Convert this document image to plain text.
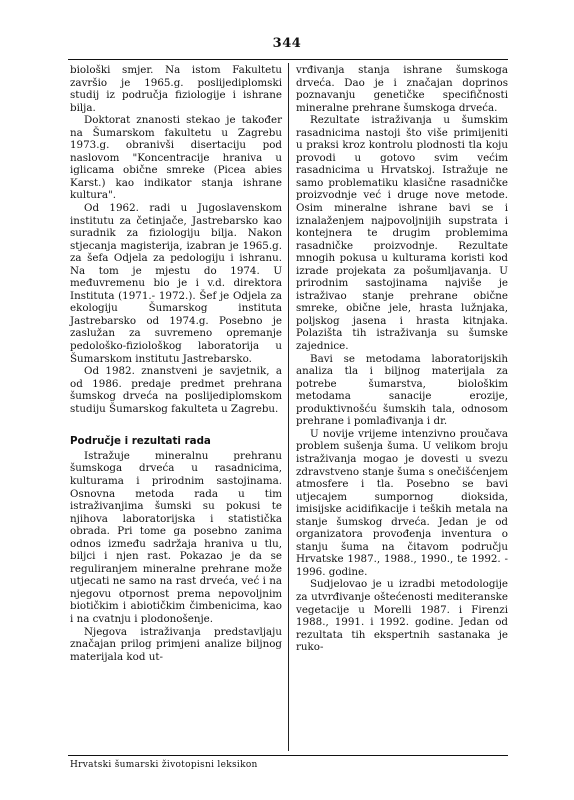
344

biološki smjer. Na istom Fakultetu završio je 1965.g. poslijediplomski studij iz područja fiziologije i ishrane bilja.

Doktorat znanosti stekao je također na Šumarskom fakultetu u Zagrebu 1973.g. obranivši disertaciju pod naslovom "Koncentracije hraniva u iglicama obične smreke (Picea abies Karst.) kao indikator stanja ishrane kultura".

Od 1962. radi u Jugoslavenskom institutu za četinjače, Jastrebarsko kao suradnik za fiziologiju bilja. Nakon stjecanja magisterija, izabran je 1965.g. za šefa Odjela za pedologiju i ishranu. Na tom je mjestu do 1974. U međuvremenu bio je i v.d. direktora Instituta (1971.- 1972.). Šef je Odjela za ekologiju Šumarskog instituta Jastrebarsko od 1974.g. Posebno je zaslužan za suvremeno opremanje pedološko-fiziološkog laboratorija u Šumarskom institutu Jastrebarsko.

Od 1982. znanstveni je savjetnik, a od 1986. predaje predmet prehrana šumskog drveća na poslijediplomskom studiju Šumarskog fakulteta u Zagrebu.

Područje i rezultati rada

Istražuje mineralnu prehranu šumskoga drveća u rasadnicima, kulturama i prirodnim sastojinama. Osnovna metoda rada u tim istraživanjima šumski su pokusi te njihova laboratorijska i statistička obrada. Pri tome ga posebno zanima odnos između sadržaja hraniva u tlu, biljci i njen rast. Pokazao je da se reguliranjem mineralne prehrane može utjecati ne samo na rast drveća, već i na njegovu otpornost prema nepovoljnim biotičkim i abiotičkim čimbenicima, kao i na cvatnju i plodonošenje.

Njegova istraživanja predstavljaju značajan prilog primjeni analize biljnog materijala kod ut-

vrđivanja stanja ishrane šumskoga drveća. Dao je i značajan doprinos poznavanju genetičke specifičnosti mineralne prehrane šumskoga drveća.

Rezultate istraživanja u šumskim rasadnicima nastoji što više primijeniti u praksi kroz kontrolu plodnosti tla koju provodi u gotovo svim većim rasadnicima u Hrvatskoj. Istražuje ne samo problematiku klasične rasadničke proizvodnje već i druge nove metode. Osim mineralne ishrane bavi se i iznalaženjem najpovoljnijih supstrata i kontejnera te drugim problemima rasadničke proizvodnje. Rezultate mnogih pokusa u kulturama koristi kod izrade projekata za pošumljavanja. U prirodnim sastojinama najviše je istraživao stanje prehrane obične smreke, obične jele, hrasta lužnjaka, poljskog jasena i hrasta kitnjaka. Polazišta tih istraživanja su šumske zajednice.

Bavi se metodama laboratorijskih analiza tla i biljnog materijala za potrebe šumarstva, biološkim metodama sanacije erozije, produktivnošću šumskih tala, odnosom prehrane i pomlađivanja i dr.

U novije vrijeme intenzivno proučava problem sušenja šuma. U velikom broju istraživanja mogao je dovesti u svezu zdravstveno stanje šuma s onečišćenjem atmosfere i tla. Posebno se bavi utjecajem sumpornog dioksida, imisijske acidifikacije i teških metala na stanje šumskog drveća. Jedan je od organizatora provođenja inventura o stanju šuma na čitavom području Hrvatske 1987., 1988., 1990., te 1992. - 1996. godine.

Sudjelovao je u izradbi metodologije za utvrđivanje oštećenosti mediteranske vegetacije u Morelli 1987. i Firenzi 1988., 1991. i 1992. godine. Jedan od rezultata tih ekspertnih sastanaka je ruko-

Hrvatski šumarski životopisni leksikon
